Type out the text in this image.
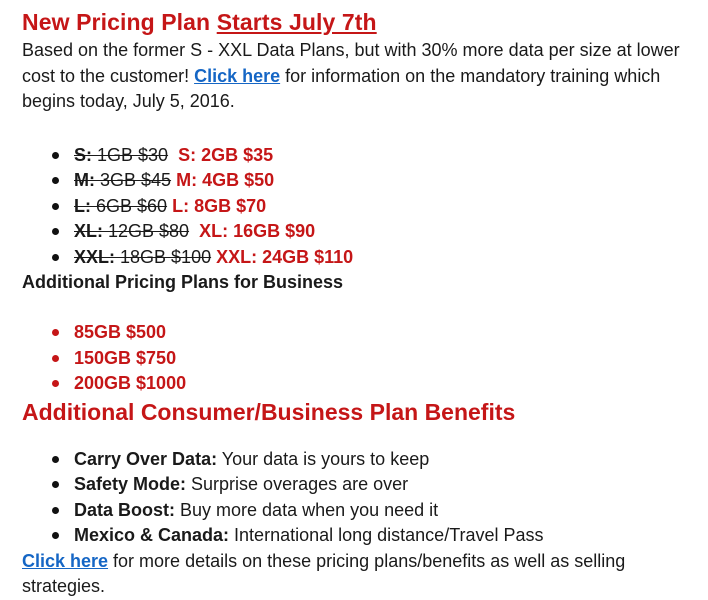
New Pricing Plan Starts July 7th

Based on the former S - XXL Data Plans, but with 30% more data per size at lower cost to the customer! Click here for information on the mandatory training which begins today, July 5, 2016.

S: 1GB $30 S: 2GB $35
M: 3GB $45 M: 4GB $50
L: 6GB $60 L: 8GB $70
XL: 12GB $80 XL: 16GB $90
XXL: 18GB $100 XXL: 24GB $110
Additional Pricing Plans for Business
85GB $500
150GB $750
200GB $1000
Additional Consumer/Business Plan Benefits
Carry Over Data: Your data is yours to keep
Safety Mode: Surprise overages are over
Data Boost: Buy more data when you need it
Mexico & Canada: International long distance/Travel Pass

Click here for more details on these pricing plans/benefits as well as selling strategies.
